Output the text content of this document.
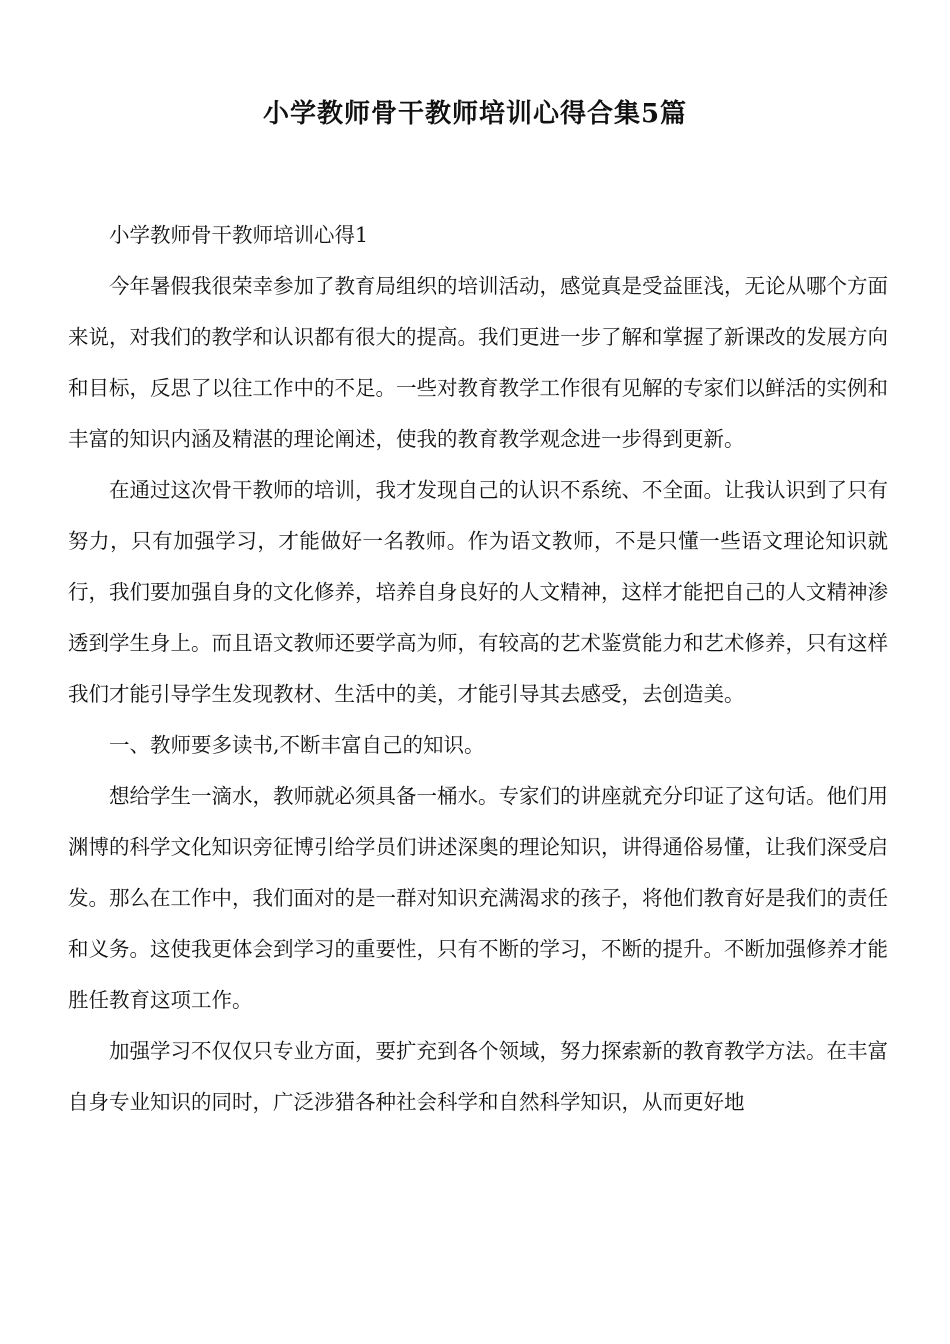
小学教师骨干教师培训心得合集5篇

小学教师骨干教师培训心得1

今年暑假我很荣幸参加了教育局组织的培训活动，感觉真是受益匪浅，无论从哪个方面来说，对我们的教学和认识都有很大的提高。我们更进一步了解和掌握了新课改的发展方向和目标，反思了以往工作中的不足。一些对教育教学工作很有见解的专家们以鲜活的实例和丰富的知识内涵及精湛的理论阐述，使我的教育教学观念进一步得到更新。

在通过这次骨干教师的培训，我才发现自己的认识不系统、不全面。让我认识到了只有努力，只有加强学习，才能做好一名教师。作为语文教师，不是只懂一些语文理论知识就行，我们要加强自身的文化修养，培养自身良好的人文精神，这样才能把自己的人文精神渗透到学生身上。而且语文教师还要学高为师，有较高的艺术鉴赏能力和艺术修养，只有这样我们才能引导学生发现教材、生活中的美，才能引导其去感受，去创造美。

一、教师要多读书,不断丰富自己的知识。

想给学生一滴水，教师就必须具备一桶水。专家们的讲座就充分印证了这句话。他们用渊博的科学文化知识旁征博引给学员们讲述深奥的理论知识，讲得通俗易懂，让我们深受启发。那么在工作中，我们面对的是一群对知识充满渴求的孩子，将他们教育好是我们的责任和义务。这使我更体会到学习的重要性，只有不断的学习，不断的提升。不断加强修养才能胜任教育这项工作。

加强学习不仅仅只专业方面，要扩充到各个领域，努力探索新的教育教学方法。在丰富自身专业知识的同时，广泛涉猎各种社会科学和自然科学知识，从而更好地
